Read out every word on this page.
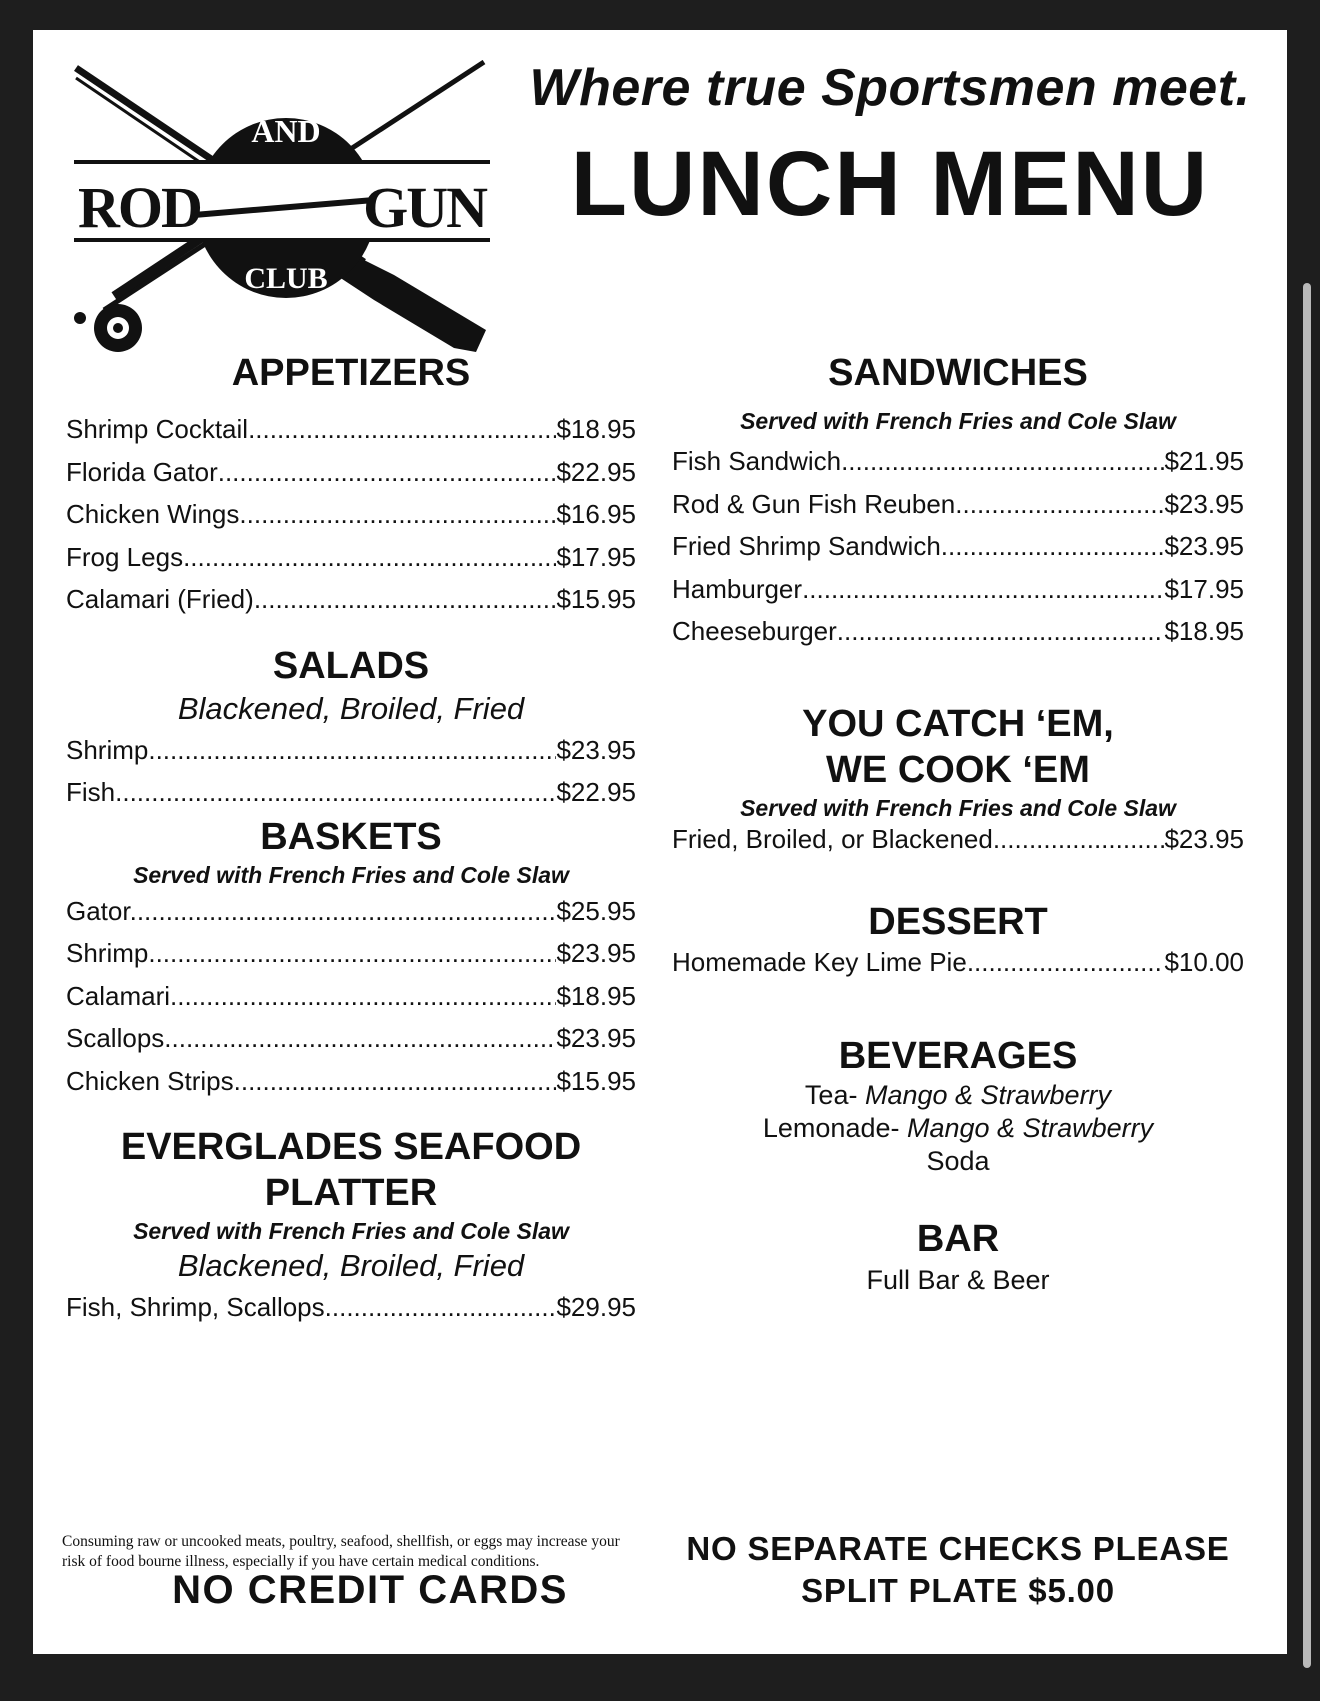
AND
ROD	GUN
CLUB
Where true Sportsmen meet.
LUNCH MENU
APPETIZERS
Shrimp Cocktail .....	$18.95
Florida Gator .....	$22.95
Chicken Wings .....	$16.95
Frog Legs .....	$17.95
Calamari (Fried) .....	$15.95
SALADS
Blackened, Broiled, Fried
Shrimp .....	$23.95
Fish .....	$22.95
BASKETS
Served with French Fries and Cole Slaw
Gator.. .....	$25.95
Shrimp .....	$23.95
Calamari .....	$18.95
Scallops .....	$23.95
Chicken Strips .....	$15.95
EVERGLADES SEAFOOD
PLATTER
Served with French Fries and Cole Slaw
Blackened, Broiled, Fried
Fish, Shrimp, Scallops .....	$29.95
SANDWICHES
Served with French Fries and Cole Slaw
Fish Sandwich .....	$21.95
Rod & Gun Fish Reuben .....	$23.95
Fried Shrimp Sandwich .....	$23.95
Hamburger .....	$17.95
Cheeseburger .....	$18.95
YOU CATCH ‘EM,
WE COOK ‘EM
Served with French Fries and Cole Slaw
Fried, Broiled, or Blackened .....	$23.95
DESSERT
Homemade Key Lime Pie .....	$10.00
BEVERAGES
Tea- Mango & Strawberry
Lemonade- Mango & Strawberry
Soda
BAR
Full Bar & Beer
Consuming raw or uncooked meats, poultry, seafood, shellfish, or eggs may increase your
risk of food bourne illness, especially if you have certain medical conditions.
NO CREDIT CARDS
NO SEPARATE CHECKS PLEASE
SPLIT PLATE $5.00
